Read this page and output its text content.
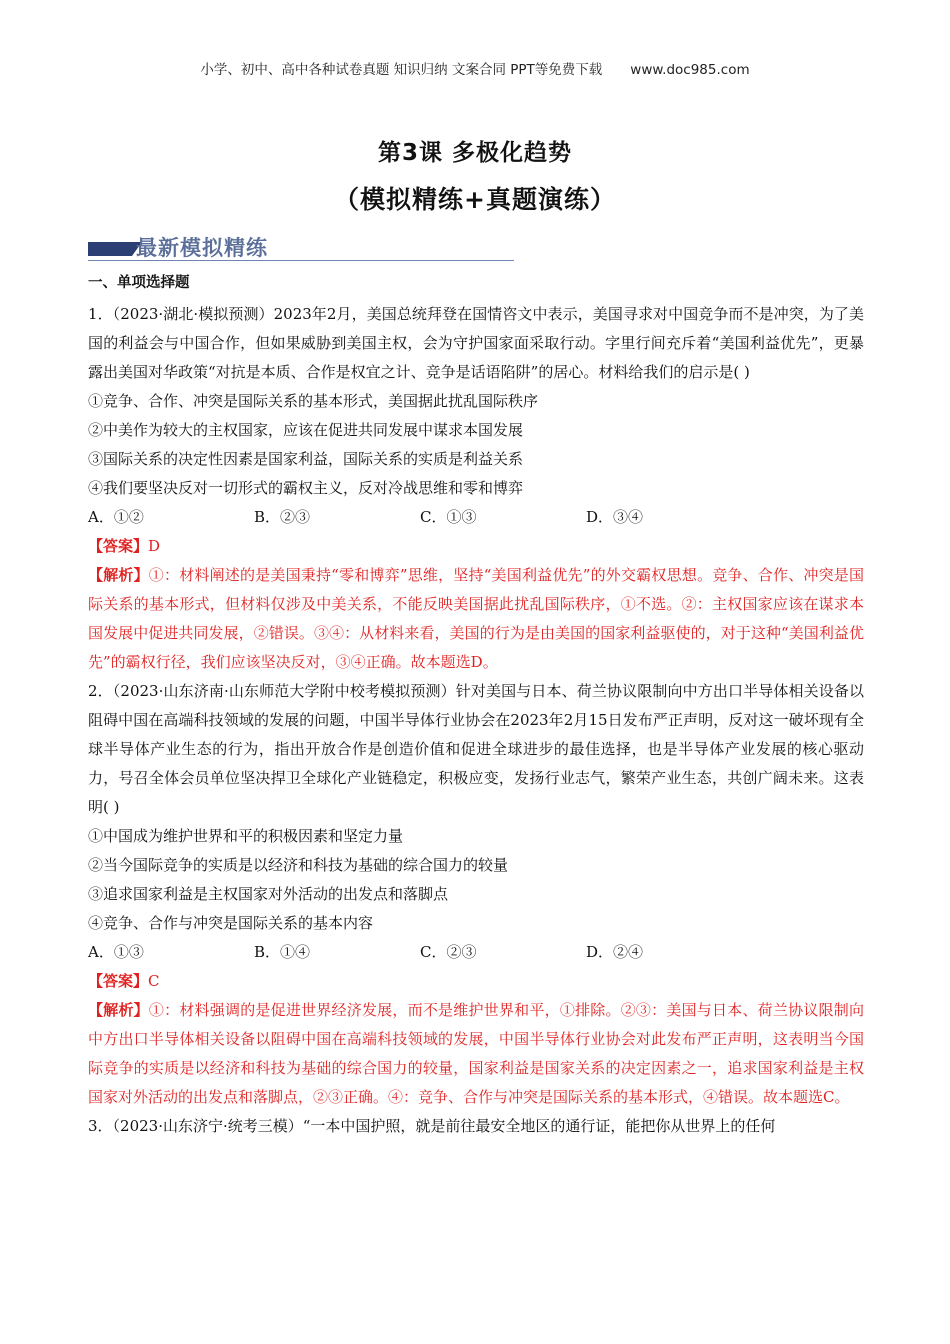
小学、初中、高中各种试卷真题 知识归纳 文案合同 PPT等免费下载 www.doc985.com
第3课 多极化趋势
（模拟精练+真题演练）
最新模拟精练
一、单项选择题

1．（2023·湖北·模拟预测）2023年2月，美国总统拜登在国情咨文中表示，美国寻求对中国竞争而不是冲突，为了美国的利益会与中国合作，但如果威胁到美国主权，会为守护国家面采取行动。字里行间充斥着“美国利益优先”，更暴露出美国对华政策“对抗是本质、合作是权宜之计、竞争是话语陷阱”的居心。材料给我们的启示是( )

①竞争、合作、冲突是国际关系的基本形式，美国据此扰乱国际秩序

②中美作为较大的主权国家，应该在促进共同发展中谋求本国发展

③国际关系的决定性因素是国家利益，国际关系的实质是利益关系

④我们要坚决反对一切形式的霸权主义，反对冷战思维和零和博弈

A．①②	B．②③	C．①③	D．③④

【答案】D

【解析】①：材料阐述的是美国秉持“零和博弈”思维，坚持“美国利益优先”的外交霸权思想。竞争、合作、冲突是国际关系的基本形式，但材料仅涉及中美关系，不能反映美国据此扰乱国际秩序，①不选。②：主权国家应该在谋求本国发展中促进共同发展，②错误。③④：从材料来看，美国的行为是由美国的国家利益驱使的，对于这种“美国利益优先”的霸权行径，我们应该坚决反对，③④正确。故本题选D。

2．（2023·山东济南·山东师范大学附中校考模拟预测）针对美国与日本、荷兰协议限制向中方出口半导体相关设备以阻碍中国在高端科技领域的发展的问题，中国半导体行业协会在2023年2月15日发布严正声明，反对这一破坏现有全球半导体产业生态的行为，指出开放合作是创造价值和促进全球进步的最佳选择，也是半导体产业发展的核心驱动力，号召全体会员单位坚决捍卫全球化产业链稳定，积极应变，发扬行业志气，繁荣产业生态，共创广阔未来。这表明( )

①中国成为维护世界和平的积极因素和坚定力量

②当今国际竞争的实质是以经济和科技为基础的综合国力的较量

③追求国家利益是主权国家对外活动的出发点和落脚点

④竞争、合作与冲突是国际关系的基本内容

A．①③	B．①④	C．②③	D．②④

【答案】C

【解析】①：材料强调的是促进世界经济发展，而不是维护世界和平，①排除。②③：美国与日本、荷兰协议限制向中方出口半导体相关设备以阻碍中国在高端科技领域的发展，中国半导体行业协会对此发布严正声明，这表明当今国际竞争的实质是以经济和科技为基础的综合国力的较量，国家利益是国家关系的决定因素之一，追求国家利益是主权国家对外活动的出发点和落脚点，②③正确。④：竞争、合作与冲突是国际关系的基本形式，④错误。故本题选C。

3．（2023·山东济宁·统考三模）“一本中国护照，就是前往最安全地区的通行证，能把你从世界上的任何
